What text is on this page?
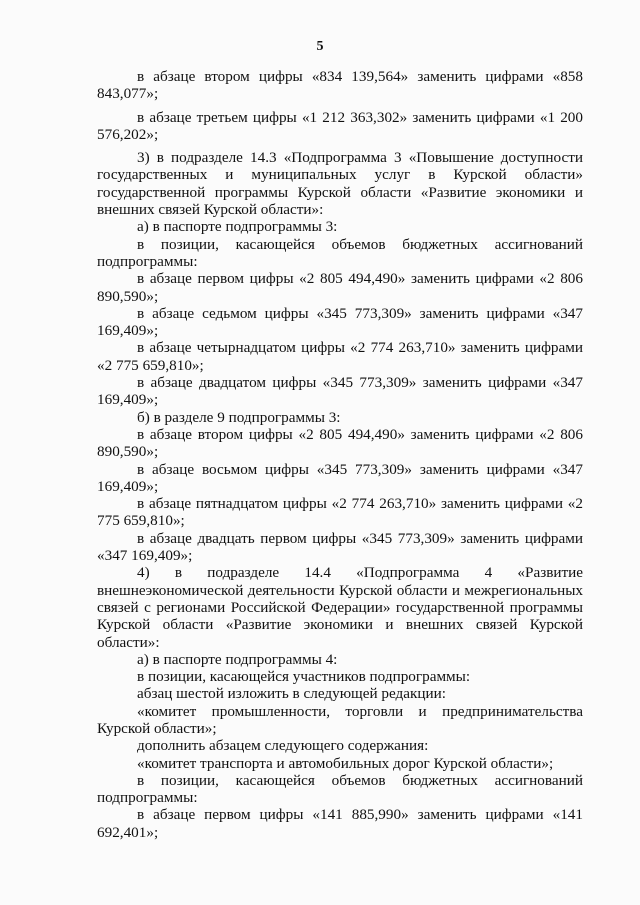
5

в абзаце втором цифры «834 139,564» заменить цифрами «858 843,077»;

в абзаце третьем цифры «1 212 363,302» заменить цифрами «1 200 576,202»;

3) в подразделе 14.3 «Подпрограмма 3 «Повышение доступности государственных и муниципальных услуг в Курской области» государственной программы Курской области «Развитие экономики и внешних связей Курской области»:

а) в паспорте подпрограммы 3:

в позиции, касающейся объемов бюджетных ассигнований подпрограммы:

в абзаце первом цифры «2 805 494,490» заменить цифрами «2 806 890,590»;

в абзаце седьмом цифры «345 773,309» заменить цифрами «347 169,409»;

в абзаце четырнадцатом цифры «2 774 263,710» заменить цифрами «2 775 659,810»;

в абзаце двадцатом цифры «345 773,309» заменить цифрами «347 169,409»;

б) в разделе 9 подпрограммы 3:

в абзаце втором цифры «2 805 494,490» заменить цифрами «2 806 890,590»;

в абзаце восьмом цифры «345 773,309» заменить цифрами «347 169,409»;

в абзаце пятнадцатом цифры «2 774 263,710» заменить цифрами «2 775 659,810»;

в абзаце двадцать первом цифры «345 773,309» заменить цифрами «347 169,409»;

4) в подразделе 14.4 «Подпрограмма 4 «Развитие внешнеэкономической деятельности Курской области и межрегиональных связей с регионами Российской Федерации» государственной программы Курской области «Развитие экономики и внешних связей Курской области»:

а) в паспорте подпрограммы 4:

в позиции, касающейся участников подпрограммы:

абзац шестой изложить в следующей редакции:

«комитет промышленности, торговли и предпринимательства Курской области»;

дополнить абзацем следующего содержания:

«комитет транспорта и автомобильных дорог Курской области»;

в позиции, касающейся объемов бюджетных ассигнований подпрограммы:

в абзаце первом цифры «141 885,990» заменить цифрами «141 692,401»;
